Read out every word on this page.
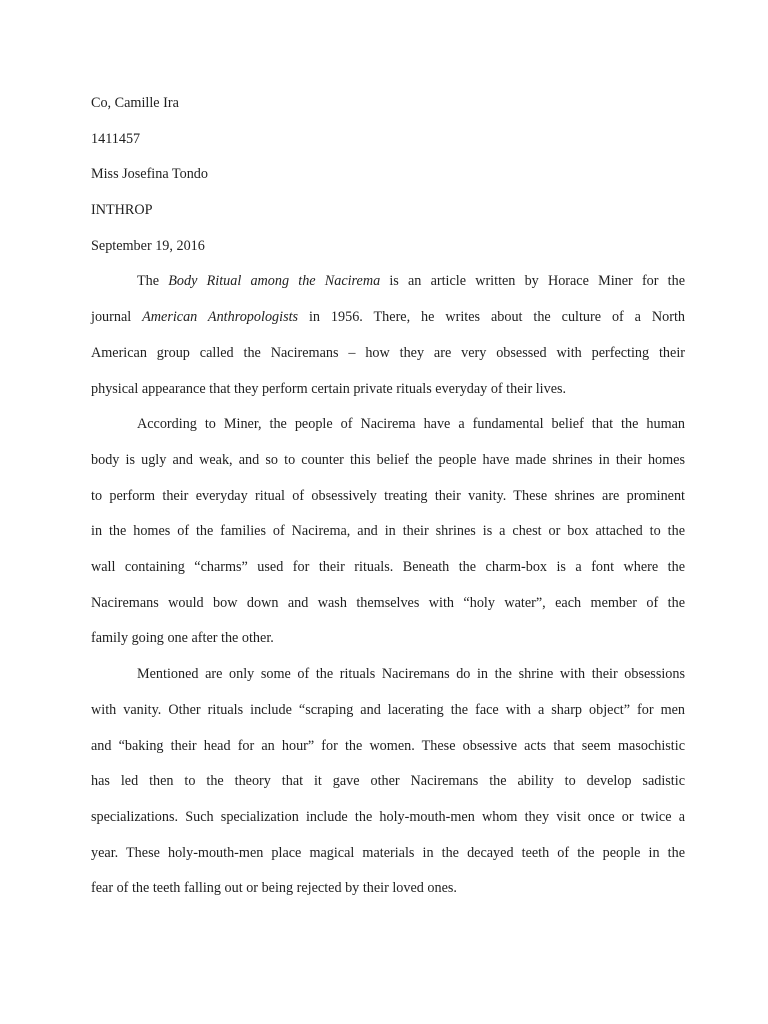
Co, Camille Ira
1411457
Miss Josefina Tondo
INTHROP
September 19, 2016
The Body Ritual among the Nacirema is an article written by Horace Miner for the
journal American Anthropologists in 1956. There, he writes about the culture of a North
American group called the Naciremans – how they are very obsessed with perfecting their
physical appearance that they perform certain private rituals everyday of their lives.
According to Miner, the people of Nacirema have a fundamental belief that the human
body is ugly and weak, and so to counter this belief the people have made shrines in their homes
to perform their everyday ritual of obsessively treating their vanity. These shrines are prominent
in the homes of the families of Nacirema, and in their shrines is a chest or box attached to the
wall containing “charms” used for their rituals. Beneath the charm-box is a font where the
Naciremans would bow down and wash themselves with “holy water”, each member of the
family going one after the other.
Mentioned are only some of the rituals Naciremans do in the shrine with their obsessions
with vanity. Other rituals include “scraping and lacerating the face with a sharp object” for men
and “baking their head for an hour” for the women. These obsessive acts that seem masochistic
has led then to the theory that it gave other Naciremans the ability to develop sadistic
specializations. Such specialization include the holy-mouth-men whom they visit once or twice a
year. These holy-mouth-men place magical materials in the decayed teeth of the people in the
fear of the teeth falling out or being rejected by their loved ones.
